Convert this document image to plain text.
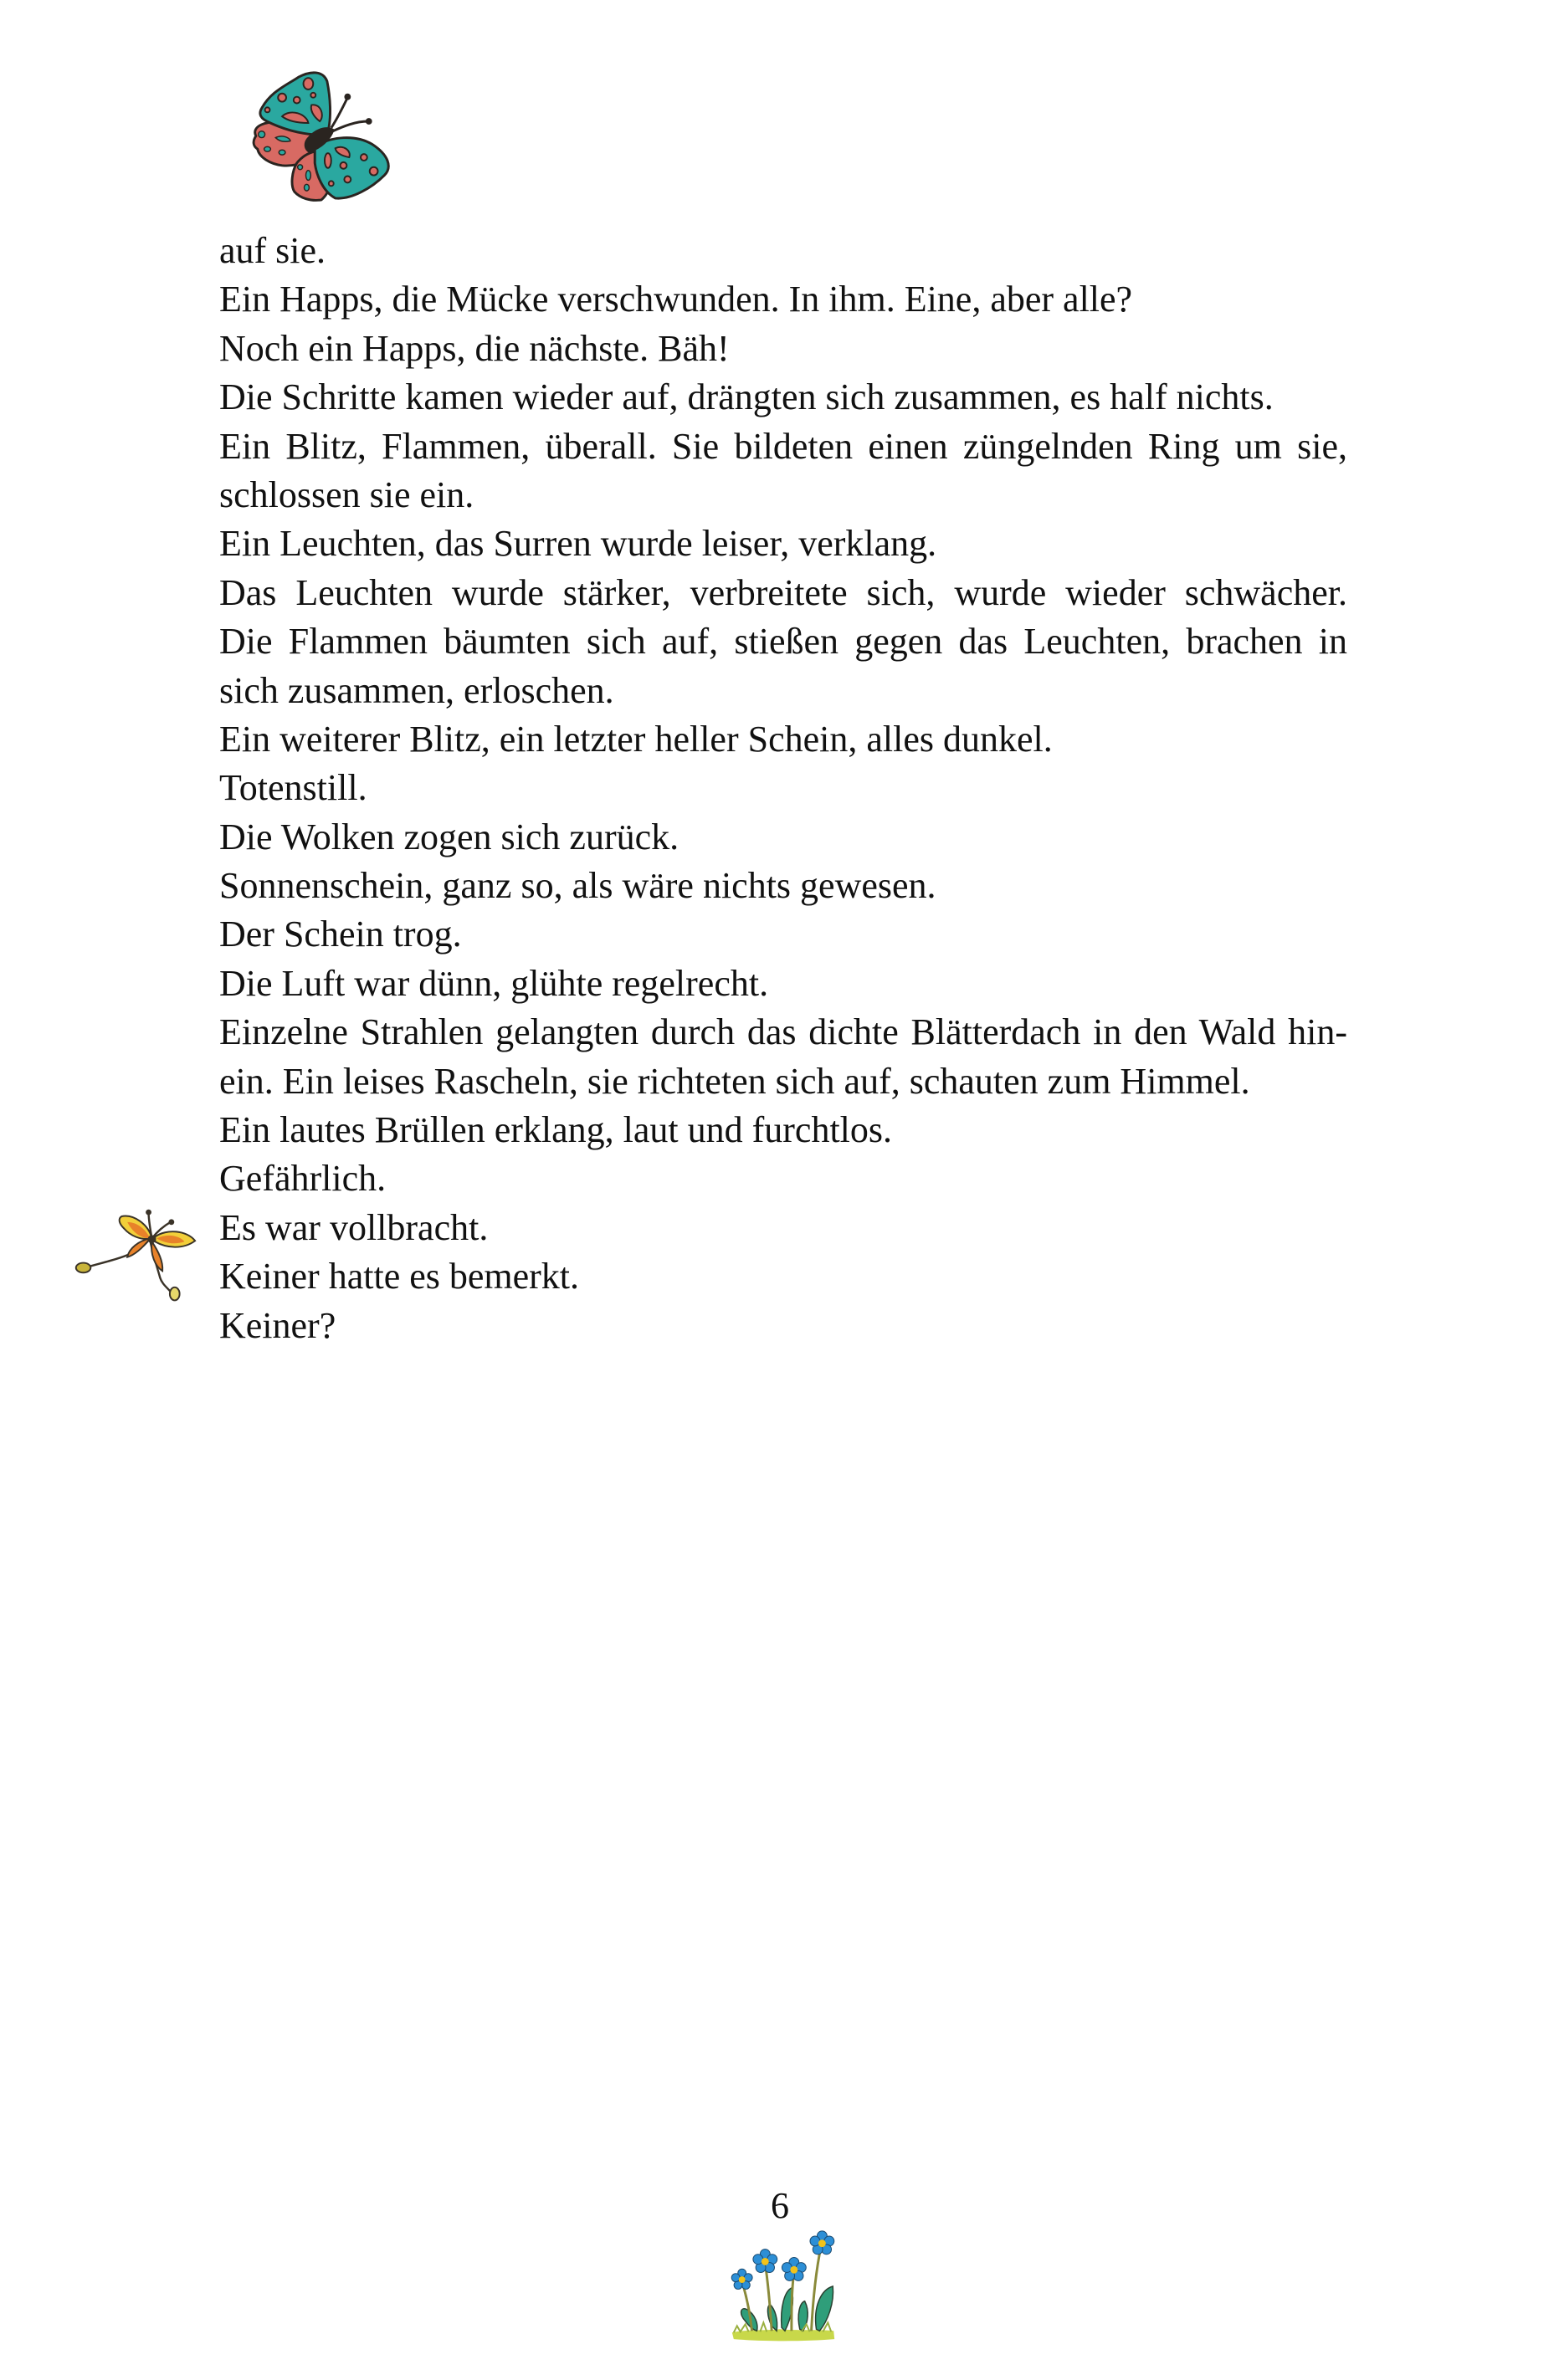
auf sie.
Ein Happs, die Mücke verschwunden. In ihm. Eine, aber alle?
Noch ein Happs, die nächste. Bäh!
Die Schritte kamen wieder auf, drängten sich zusammen, es half nichts.
Ein Blitz, Flammen, überall. Sie bildeten einen züngelnden Ring um sie,
schlossen sie ein.
Ein Leuchten, das Surren wurde leiser, verklang.
Das Leuchten wurde stärker, verbreitete sich, wurde wieder schwächer.
Die Flammen bäumten sich auf, stießen gegen das Leuchten, brachen in
sich zusammen, erloschen.
Ein weiterer Blitz, ein letzter heller Schein, alles dunkel.
Totenstill.
Die Wolken zogen sich zurück.
Sonnenschein, ganz so, als wäre nichts gewesen.
Der Schein trog.
Die Luft war dünn, glühte regelrecht.
Einzelne Strahlen gelangten durch das dichte Blätterdach in den Wald hin-
ein. Ein leises Rascheln, sie richteten sich auf, schauten zum Himmel.
Ein lautes Brüllen erklang, laut und furchtlos.
Gefährlich.
Es war vollbracht.
Keiner hatte es bemerkt.
Keiner?
6
